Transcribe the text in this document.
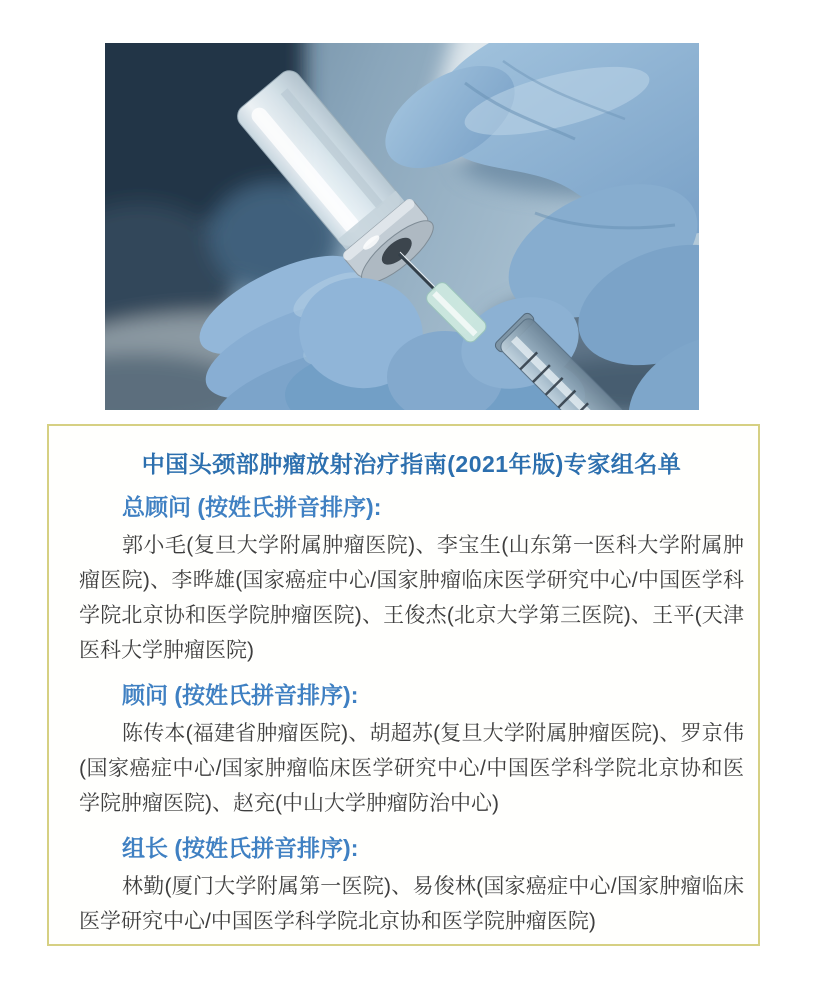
中国头颈部肿瘤放射治疗指南(2021年版)专家组名单
总顾问 (按姓氏拼音排序):

郭小毛(复旦大学附属肿瘤医院)、李宝生(山东第一医科大学附属肿瘤医院)、李晔雄(国家癌症中心/国家肿瘤临床医学研究中心/中国医学科学院北京协和医学院肿瘤医院)、王俊杰(北京大学第三医院)、王平(天津医科大学肿瘤医院)

顾问 (按姓氏拼音排序):

陈传本(福建省肿瘤医院)、胡超苏(复旦大学附属肿瘤医院)、罗京伟(国家癌症中心/国家肿瘤临床医学研究中心/中国医学科学院北京协和医学院肿瘤医院)、赵充(中山大学肿瘤防治中心)

组长 (按姓氏拼音排序):

林勤(厦门大学附属第一医院)、易俊林(国家癌症中心/国家肿瘤临床医学研究中心/中国医学科学院北京协和医学院肿瘤医院)
